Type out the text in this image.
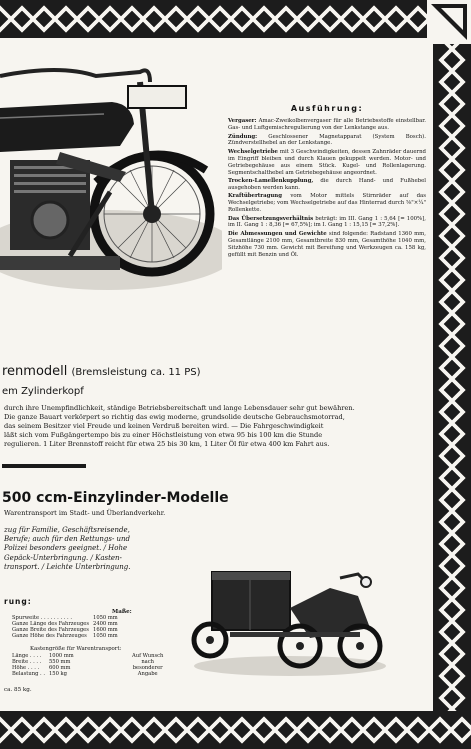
Ausführung:
Vergaser: Amac-Zweikolbenvergaser für alle Betriebsstoffe einstellbar. Gas- und Luftgemischregulierung von der Lenkstange aus.
Zündung: Geschlossener Magnetapparat (System Bosch). Zündverstellhebel an der Lenkstange.
Wechselgetriebe mit 3 Geschwindigkeiten, dessen Zahnräder dauernd im Eingriff bleiben und durch Klauen gekuppelt werden. Motor- und Getriebegehäuse aus einem Stück. Kugel- und Rollenlagerung. Segmentschalthebel am Getriebegehäuse angeordnet.
Trocken-Lamellenkupplung, die durch Hand- und Fußhebel ausgehoben werden kann.
Kraftübertragung vom Motor mittels Stirnräder auf das Wechselgetriebe; vom Wechselgetriebe auf das Hinterrad durch ⅝"×¼" Rollenkette.
Das Übersetzungsverhältnis beträgt: im III. Gang 1 : 5,64 [= 100%], im II. Gang 1 : 8,36 [= 67,5%]; im I. Gang 1 : 15,15 [= 37,2%].
Die Abmessungen und Gewichte sind folgende: Radstand 1360 mm, Gesamtlänge 2100 mm, Gesamtbreite 830 mm, Gesamthöhe 1040 mm, Sitzhöhe 730 mm. Gewicht mit Bereifung und Werkzeugen ca. 158 kg, gefüllt mit Benzin und Öl.
renmodell (Bremsleistung ca. 11 PS)
em Zylinderkopf
durch ihre Unempfindlichkeit, ständige Betriebsbereitschaft und lange Lebensdauer sehr gut bewähren.
Die ganze Bauart verkörpert so richtig das ewig moderne, grundsolide deutsche Gebrauchsmotorrad,
das seinem Besitzer viel Freude und keinen Verdruß bereiten wird. — Die Fahrgeschwindigkeit
läßt sich vom Fußgängertempo bis zu einer Höchstleistung von etwa 95 bis 100 km die Stunde
regulieren. 1 Liter Brennstoff reicht für etwa 25 bis 30 km, 1 Liter Öl für etwa 400 km Fahrt aus.
500 ccm-Einzylinder-Modelle
Warentransport im Stadt- und Überlandverkehr.
zug für Familie, Geschäftsreisende,
Berufe; auch für den Rettungs- und
Polizei besonders geeignet. / Hohe
Gepäck-Unterbringung. / Kasten-
transport. / Leichte Unterbringung.
rung:
Maße:
Spurweite . . . . . . . . . .	1050 mm
Ganze Länge des Fahrzeuges	2400 mm
Ganze Breite des Fahrzeuges	1600 mm
Ganze Höhe des Fahrzeuges	1050 mm
Kastengröße für Warentransport:
Länge . . . .	1000 mm
Breite . . . .	550 mm
Höhe . . . .	600 mm
Belastung . .	150 kg
Auf Wunsch
nach
besonderer
Angabe
ca. 85 kg.
